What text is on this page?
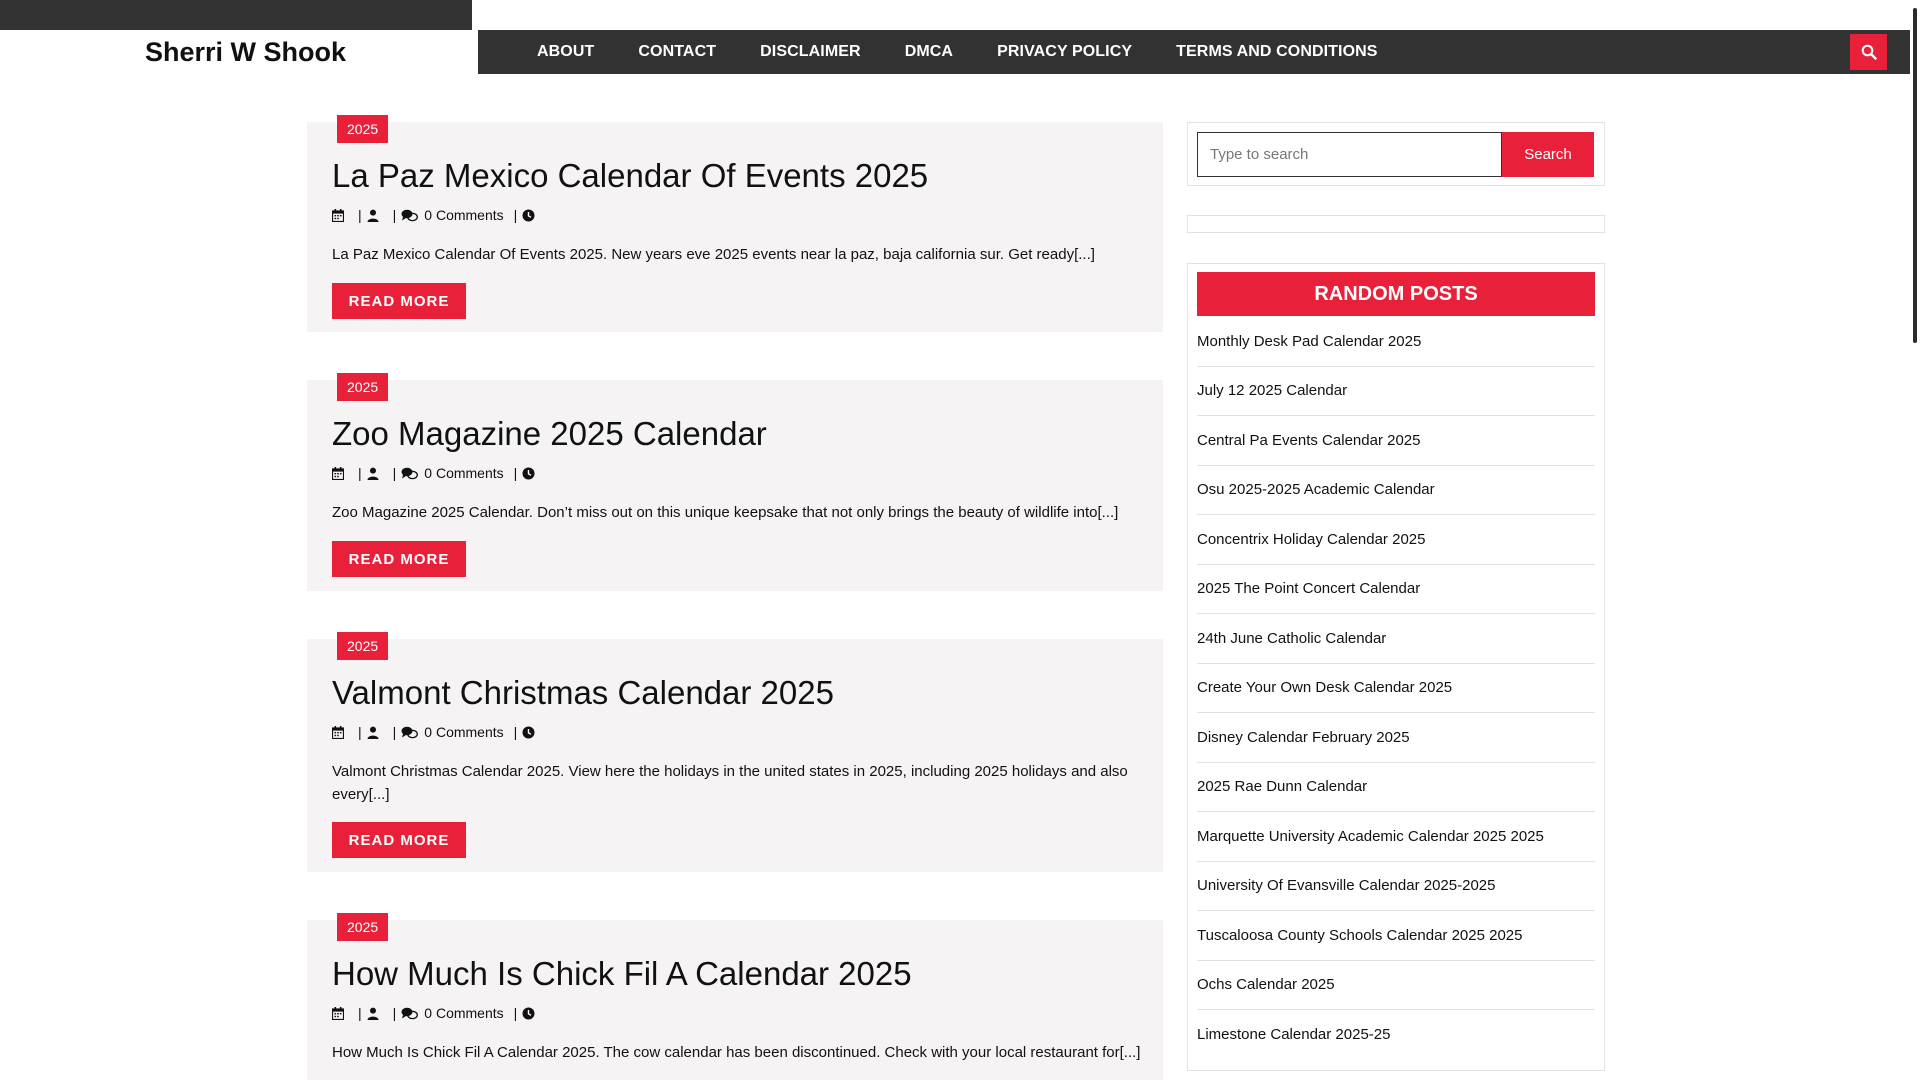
Sherri W Shook	ABOUT	CONTACT	DISCLAIMER	DMCA	PRIVACY POLICY	TERMS AND CONDITIONS
2025
La Paz Mexico Calendar Of Events 2025
| | 0 Comments |
La Paz Mexico Calendar Of Events 2025. New years eve 2025 events near la paz, baja california sur. Get ready[...]
READ MORE
2025
Zoo Magazine 2025 Calendar
| | 0 Comments |
Zoo Magazine 2025 Calendar. Don’t miss out on this unique keepsake that not only brings the beauty of wildlife into[...]
READ MORE
2025
Valmont Christmas Calendar 2025
| | 0 Comments |
Valmont Christmas Calendar 2025. View here the holidays in the united states in 2025, including 2025 holidays and also every[...]
READ MORE
2025
How Much Is Chick Fil A Calendar 2025
| | 0 Comments |
How Much Is Chick Fil A Calendar 2025. The cow calendar has been discontinued. Check with your local restaurant for[...]
Type to search
Search
RANDOM POSTS
Monthly Desk Pad Calendar 2025
July 12 2025 Calendar
Central Pa Events Calendar 2025
Osu 2025-2025 Academic Calendar
Concentrix Holiday Calendar 2025
2025 The Point Concert Calendar
24th June Catholic Calendar
Create Your Own Desk Calendar 2025
Disney Calendar February 2025
2025 Rae Dunn Calendar
Marquette University Academic Calendar 2025 2025
University Of Evansville Calendar 2025-2025
Tuscaloosa County Schools Calendar 2025 2025
Ochs Calendar 2025
Limestone Calendar 2025-25
